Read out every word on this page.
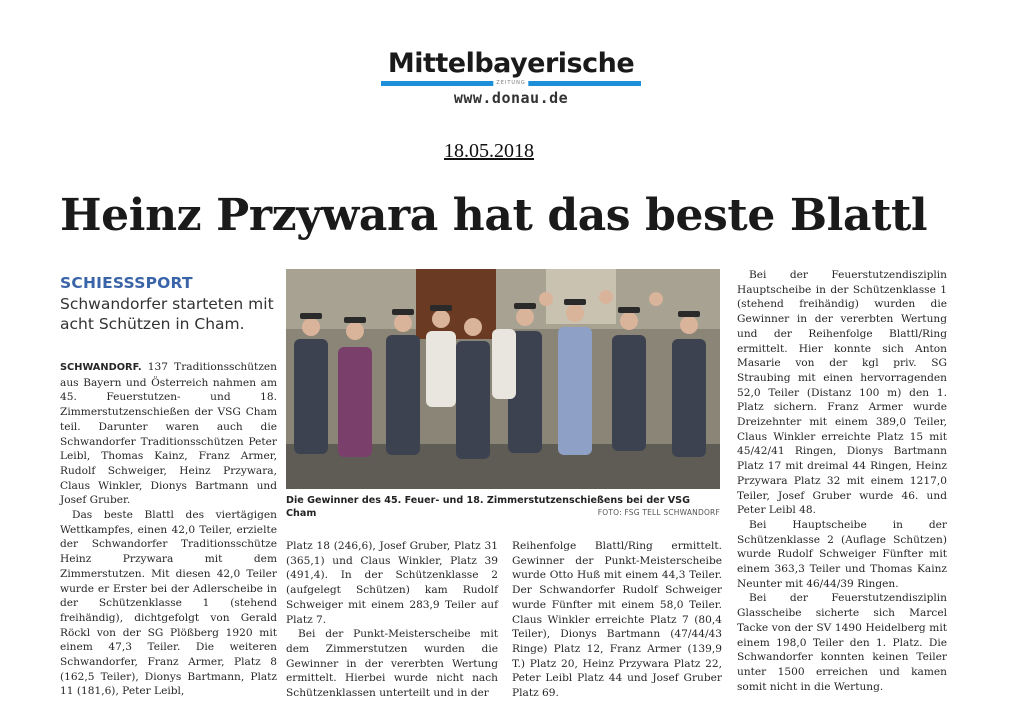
Mittelbayerische
ZEITUNG
www.donau.de
18.05.2018
Heinz Przywara hat das beste Blattl
SCHIESSSPORT Schwandorfer starteten mit acht Schützen in Cham.

SCHWANDORF. 137 Traditionsschützen aus Bayern und Österreich nahmen am 45. Feuerstutzen- und 18. Zimmerstutzenschießen der VSG Cham teil. Darunter waren auch die Schwandorfer Traditionsschützen Peter Leibl, Thomas Kainz, Franz Armer, Rudolf Schweiger, Heinz Przywara, Claus Winkler, Dionys Bartmann und Josef Gruber.

Das beste Blattl des viertägigen Wettkampfes, einen 42,0 Teiler, erzielte der Schwandorfer Traditionsschütze Heinz Przywara mit dem Zimmerstutzen. Mit diesen 42,0 Teiler wurde er Erster bei der Adlerscheibe in der Schützenklasse 1 (stehend freihändig), dichtgefolgt von Gerald Röckl von der SG Plößberg 1920 mit einem 47,3 Teiler. Die weiteren Schwandorfer, Franz Armer, Platz 8 (162,5 Teiler), Dionys Bartmann, Platz 11 (181,6), Peter Leibl,

Die Gewinner des 45. Feuer- und 18. Zimmerstutzenschießens bei der VSG Cham	FOTO: FSG TELL SCHWANDORF

Platz 18 (246,6), Josef Gruber, Platz 31 (365,1) und Claus Winkler, Platz 39 (491,4). In der Schützenklasse 2 (aufgelegt Schützen) kam Rudolf Schweiger mit einem 283,9 Teiler auf Platz 7.

Bei der Punkt-Meisterscheibe mit dem Zimmerstutzen wurden die Gewinner in der vererbten Wertung ermittelt. Hierbei wurde nicht nach Schützenklassen unterteilt und in der

Reihenfolge Blattl/Ring ermittelt. Gewinner der Punkt-Meisterscheibe wurde Otto Huß mit einem 44,3 Teiler. Der Schwandorfer Rudolf Schweiger wurde Fünfter mit einem 58,0 Teiler. Claus Winkler erreichte Platz 7 (80,4 Teiler), Dionys Bartmann (47/44/43 Ringe) Platz 12, Franz Armer (139,9 T.) Platz 20, Heinz Przywara Platz 22, Peter Leibl Platz 44 und Josef Gruber Platz 69.

Bei der Feuerstutzendisziplin Hauptscheibe in der Schützenklasse 1 (stehend freihändig) wurden die Gewinner in der vererbten Wertung und der Reihenfolge Blattl/Ring ermittelt. Hier konnte sich Anton Masarie von der kgl priv. SG Straubing mit einen hervorragenden 52,0 Teiler (Distanz 100 m) den 1. Platz sichern. Franz Armer wurde Dreizehnter mit einem 389,0 Teiler, Claus Winkler erreichte Platz 15 mit 45/42/41 Ringen, Dionys Bartmann Platz 17 mit dreimal 44 Ringen, Heinz Przywara Platz 32 mit einem 1217,0 Teiler, Josef Gruber wurde 46. und Peter Leibl 48.

Bei Hauptscheibe in der Schützenklasse 2 (Auflage Schützen) wurde Rudolf Schweiger Fünfter mit einem 363,3 Teiler und Thomas Kainz Neunter mit 46/44/39 Ringen.

Bei der Feuerstutzendisziplin Glasscheibe sicherte sich Marcel Tacke von der SV 1490 Heidelberg mit einem 198,0 Teiler den 1. Platz. Die Schwandorfer konnten keinen Teiler unter 1500 erreichen und kamen somit nicht in die Wertung.
